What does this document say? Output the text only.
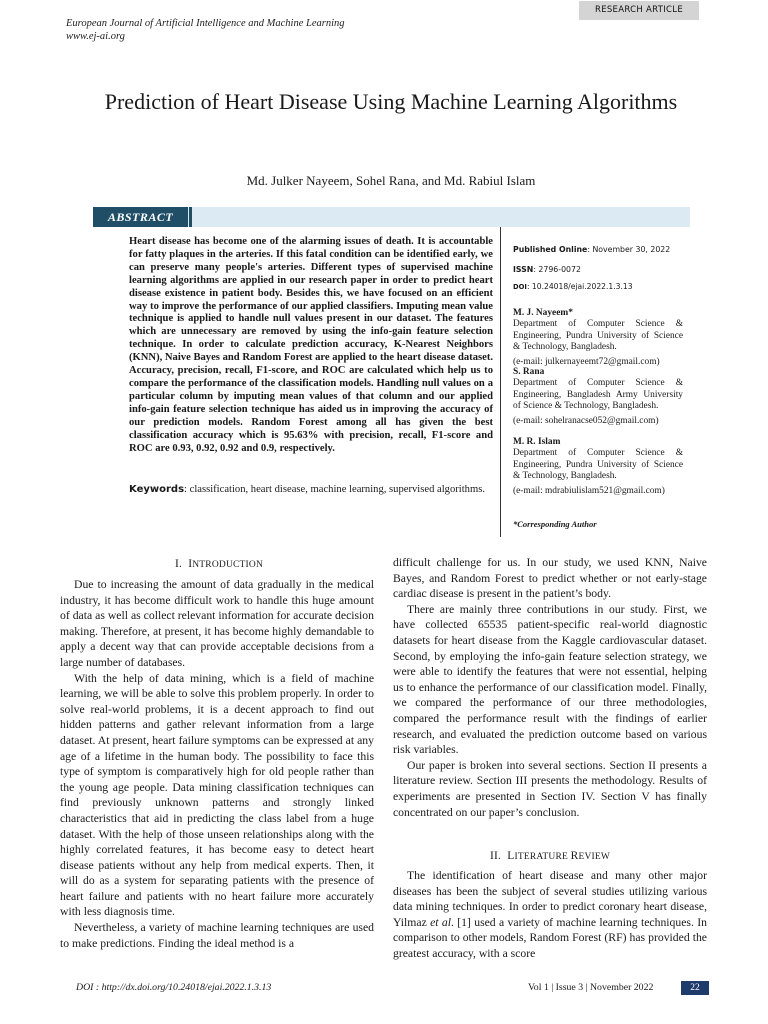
European Journal of Artificial Intelligence and Machine Learning
www.ej-ai.org
RESEARCH ARTICLE
Prediction of Heart Disease Using Machine Learning Algorithms
Md. Julker Nayeem, Sohel Rana, and Md. Rabiul Islam
ABSTRACT
Heart disease has become one of the alarming issues of death. It is accountable for fatty plaques in the arteries. If this fatal condition can be identified early, we can preserve many people's arteries. Different types of supervised machine learning algorithms are applied in our research paper in order to predict heart disease existence in patient body. Besides this, we have focused on an efficient way to improve the performance of our applied classifiers. Imputing mean value technique is applied to handle null values present in our dataset. The features which are unnecessary are removed by using the info-gain feature selection technique. In order to calculate prediction accuracy, K-Nearest Neighbors (KNN), Naive Bayes and Random Forest are applied to the heart disease dataset. Accuracy, precision, recall, F1-score, and ROC are calculated which help us to compare the performance of the classification models. Handling null values on a particular column by imputing mean values of that column and our applied info-gain feature selection technique has aided us in improving the accuracy of our prediction models. Random Forest among all has given the best classification accuracy which is 95.63% with precision, recall, F1-score and ROC are 0.93, 0.92, 0.92 and 0.9, respectively.
Keywords: classification, heart disease, machine learning, supervised algorithms.
Published Online: November 30, 2022
ISSN: 2796-0072
DOI: 10.24018/ejai.2022.1.3.13
M. J. Nayeem*
Department of Computer Science & Engineering, Pundra University of Science & Technology, Bangladesh.
(e-mail: julkernayeemt72@gmail.com)
S. Rana
Department of Computer Science & Engineering, Bangladesh Army University of Science & Technology, Bangladesh.
(e-mail: sohelranacse052@gmail.com)
M. R. Islam
Department of Computer Science & Engineering, Pundra University of Science & Technology, Bangladesh.
(e-mail: mdrabiulislam521@gmail.com)
*Corresponding Author
I. INTRODUCTION

Due to increasing the amount of data gradually in the medical industry, it has become difficult work to handle this huge amount of data as well as collect relevant information for accurate decision making. Therefore, at present, it has become highly demandable to apply a decent way that can provide acceptable decisions from a large number of databases.

With the help of data mining, which is a field of machine learning, we will be able to solve this problem properly. In order to solve real-world problems, it is a decent approach to find out hidden patterns and gather relevant information from a large dataset. At present, heart failure symptoms can be expressed at any age of a lifetime in the human body. The possibility to face this type of symptom is comparatively high for old people rather than the young age people. Data mining classification techniques can find previously unknown patterns and strongly linked characteristics that aid in predicting the class label from a huge dataset. With the help of those unseen relationships along with the highly correlated features, it has become easy to detect heart disease patients without any help from medical experts. Then, it will do as a system for separating patients with the presence of heart failure and patients with no heart failure more accurately with less diagnosis time.

Nevertheless, a variety of machine learning techniques are used to make predictions. Finding the ideal method is a

difficult challenge for us. In our study, we used KNN, Naive Bayes, and Random Forest to predict whether or not early-stage cardiac disease is present in the patient’s body.

There are mainly three contributions in our study. First, we have collected 65535 patient-specific real-world diagnostic datasets for heart disease from the Kaggle cardiovascular dataset. Second, by employing the info-gain feature selection strategy, we were able to identify the features that were not essential, helping us to enhance the performance of our classification model. Finally, we compared the performance of our three methodologies, compared the performance result with the findings of earlier research, and evaluated the prediction outcome based on various risk variables.

Our paper is broken into several sections. Section II presents a literature review. Section III presents the methodology. Results of experiments are presented in Section IV. Section V has finally concentrated on our paper’s conclusion.

II. LITERATURE REVIEW

The identification of heart disease and many other major diseases has been the subject of several studies utilizing various data mining techniques. In order to predict coronary heart disease, Yilmaz et al. [1] used a variety of machine learning techniques. In comparison to other models, Random Forest (RF) has provided the greatest accuracy, with a score

DOI : http://dx.doi.org/10.24018/ejai.2022.1.3.13	Vol 1 | Issue 3 | November 2022	22
